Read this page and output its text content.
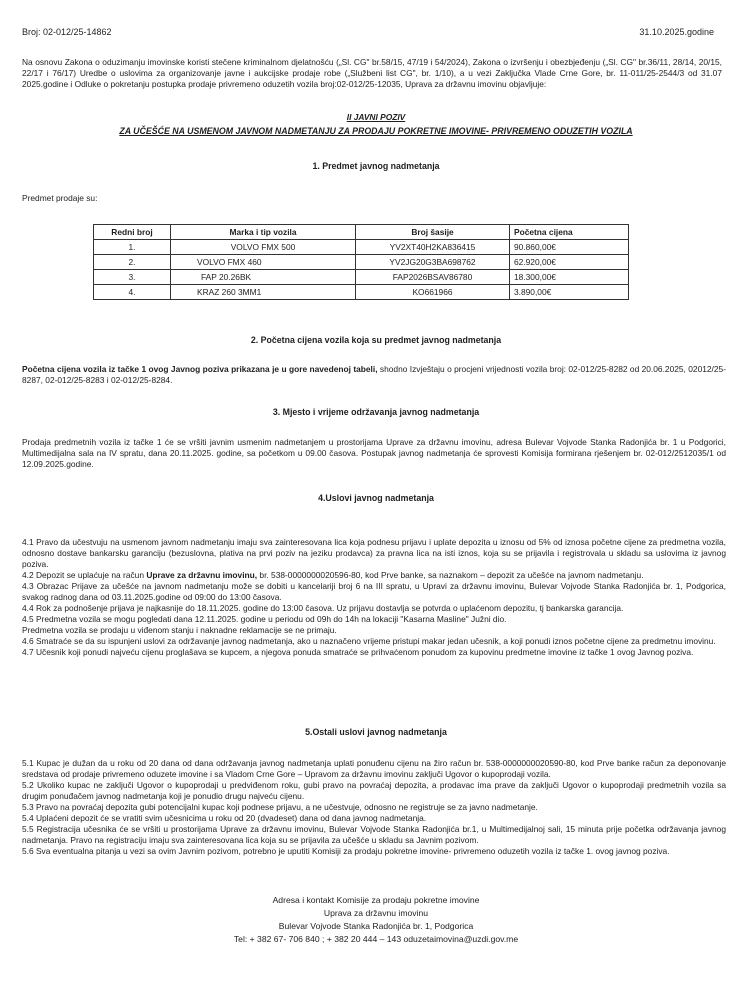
Broj: 02-012/25-14862	31.10.2025.godine
Na osnovu Zakona o oduzimanju imovinske koristi stečene kriminalnom djelatnošću („Sl. CG" br.58/15, 47/19 i 54/2024), Zakona o izvršenju i obezbjeđenju („Sl. CG" br.36/11, 28/14, 20/15, 22/17 i 76/17) Uredbe o uslovima za organizovanje javne i aukcijske prodaje robe („Službeni list CG", br. 1/10), a u vezi Zaključka Vlade Crne Gore, br. 11-011/25-2544/3 od 31.07 2025.godine i Odluke o pokretanju postupka prodaje privremeno oduzetih vozila broj:02-012/25-12035, Uprava za državnu imovinu objavljuje:
II JAVNI POZIV
ZA UČEŠĆE NA USMENOM JAVNOM NADMETANJU ZA PRODAJU POKRETNE IMOVINE- PRIVREMENO ODUZETIH VOZILA
1. Predmet javnog nadmetanja
Predmet prodaje su:
Redni broj	Marka i tip vozila	Broj šasije	Početna cijena
1.	VOLVO FMX 500	YV2XT40H2KA836415	90.860,00€
2.	VOLVO FMX 460	YV2JG20G3BA698762	62.920,00€
3.	FAP 20.26BK	FAP2026BSAV86780	18.300,00€
4.	KRAZ 260 3MM1	KO661966	3.890,00€
2. Početna cijena vozila koja su predmet javnog nadmetanja
Početna cijena vozila iz tačke 1 ovog Javnog poziva prikazana je u gore navedenoj tabeli, shodno Izvještaju o procjeni vrijednosti vozila broj: 02-012/25-8282 od 20.06.2025, 02012/25-8287, 02-012/25-8283 i 02-012/25-8284.
3. Mjesto i vrijeme održavanja javnog nadmetanja
Prodaja predmetnih vozila iz tačke 1 će se vršiti javnim usmenim nadmetanjem u prostorijama Uprave za državnu imovinu, adresa Bulevar Vojvode Stanka Radonjića br. 1 u Podgorici, Multimedijalna sala na IV spratu, dana 20.11.2025. godine, sa početkom u 09.00 časova. Postupak javnog nadmetanja će sprovesti Komisija formirana rješenjem br. 02-012/2512035/1 od 12.09.2025.godine.
4.Uslovi javnog nadmetanja
4.1 Pravo da učestvuju na usmenom javnom nadmetanju imaju sva zainteresovana lica koja podnesu prijavu i uplate depozita u iznosu od 5% od iznosa početne cijene za predmetna vozila, odnosno dostave bankarsku garanciju (bezuslovna, plativa na prvi poziv na jeziku prodavca) za pravna lica na isti iznos, koja su se prijavila i registrovala u skladu sa uslovima iz javnog poziva.
4.2 Depozit se uplaćuje na račun Uprave za državnu imovinu, br. 538-0000000020596-80, kod Prve banke, sa naznakom – depozit za učešće na javnom nadmetanju.
4.3 Obrazac Prijave za učešće na javnom nadmetanju može se dobiti u kancelariji broj 6 na III spratu, u Upravi za državnu imovinu, Bulevar Vojvode Stanka Radonjića br. 1, Podgorica, svakog radnog dana od 03.11.2025.godine od 09:00 do 13:00 časova.
4.4 Rok za podnošenje prijava je najkasnije do 18.11.2025. godine do 13:00 časova. Uz prijavu dostavlja se potvrda o uplaćenom depozitu, tj bankarska garancija.
4.5 Predmetna vozila se mogu pogledati dana 12.11.2025. godine u periodu od 09h do 14h na lokaciji "Kasarna Masline" Južni dio.
Predmetna vozila se prodaju u viđenom stanju i naknadne reklamacije se ne primaju.
4.6 Smatraće se da su ispunjeni uslovi za održavanje javnog nadmetanja, ako u naznačeno vrijeme pristupi makar jedan učesnik, a koji ponudi iznos početne cijene za predmetnu imovinu.
4.7 Učesnik koji ponudi najveću cijenu proglašava se kupcem, a njegova ponuda smatraće se prihvaćenom ponudom za kupovinu predmetne imovine iz tačke 1 ovog Javnog poziva.
5.Ostali uslovi javnog nadmetanja
5.1 Kupac je dužan da u roku od 20 dana od dana održavanja javnog nadmetanja uplati ponuđenu cijenu na žiro račun br. 538-0000000020590-80, kod Prve banke račun za deponovanje sredstava od prodaje privremeno oduzete imovine i sa Vladom Crne Gore – Upravom za državnu imovinu zaključi Ugovor o kupoprodaji vozila.
5.2 Ukoliko kupac ne zaključi Ugovor o kupoprodaji u predviđenom roku, gubi pravo na povraćaj depozita, a prodavac ima prave da zaključi Ugovor o kupoprodaji predmetnih vozila sa drugim ponuđačem javnog nadmetanja koji je ponudio drugu najveću cijenu.
5.3 Pravo na povraćaj depozita gubi potencijalni kupac koji podnese prijavu, a ne učestvuje, odnosno ne registruje se za javno nadmetanje.
5.4 Uplaćeni depozit će se vratiti svim učesnicima u roku od 20 (dvadeset) dana od dana javnog nadmetanja.
5.5 Registracija učesnika će se vršiti u prostorijama Uprave za državnu imovinu, Bulevar Vojvode Stanka Radonjića br.1, u Multimedijalnoj sali, 15 minuta prije početka održavanja javnog nadmetanja. Pravo na registraciju imaju sva zainteresovana lica koja su se prijavila za učešće u skladu sa Javnim pozivom.
5.6 Sva eventualna pitanja u vezi sa ovim Javnim pozivom, potrebno je uputiti Komisiji za prodaju pokretne imovine- privremeno oduzetih vozila iz tačke 1. ovog javnog poziva.
Adresa i kontakt Komisije za prodaju pokretne imovine
Uprava za državnu imovinu
Bulevar Vojvode Stanka Radonjića br. 1, Podgorica
Tel: + 382 67- 706 840 ; + 382 20 444 – 143 oduzetaimovina@uzdi.gov.me
